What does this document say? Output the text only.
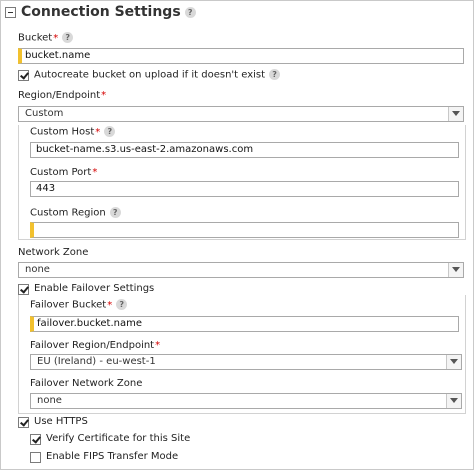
Connection Settings ?
Bucket* ?
bucket.name
Autocreate bucket on upload if it doesn't exist ?
Region/Endpoint*
Custom
Custom Host* ?
bucket-name.s3.us-east-2.amazonaws.com
Custom Port*
443
Custom Region ?
Network Zone
none
Enable Failover Settings
Failover Bucket* ?
failover.bucket.name
Failover Region/Endpoint*
EU (Ireland) - eu-west-1
Failover Network Zone
none
Use HTTPS
Verify Certificate for this Site
Enable FIPS Transfer Mode
